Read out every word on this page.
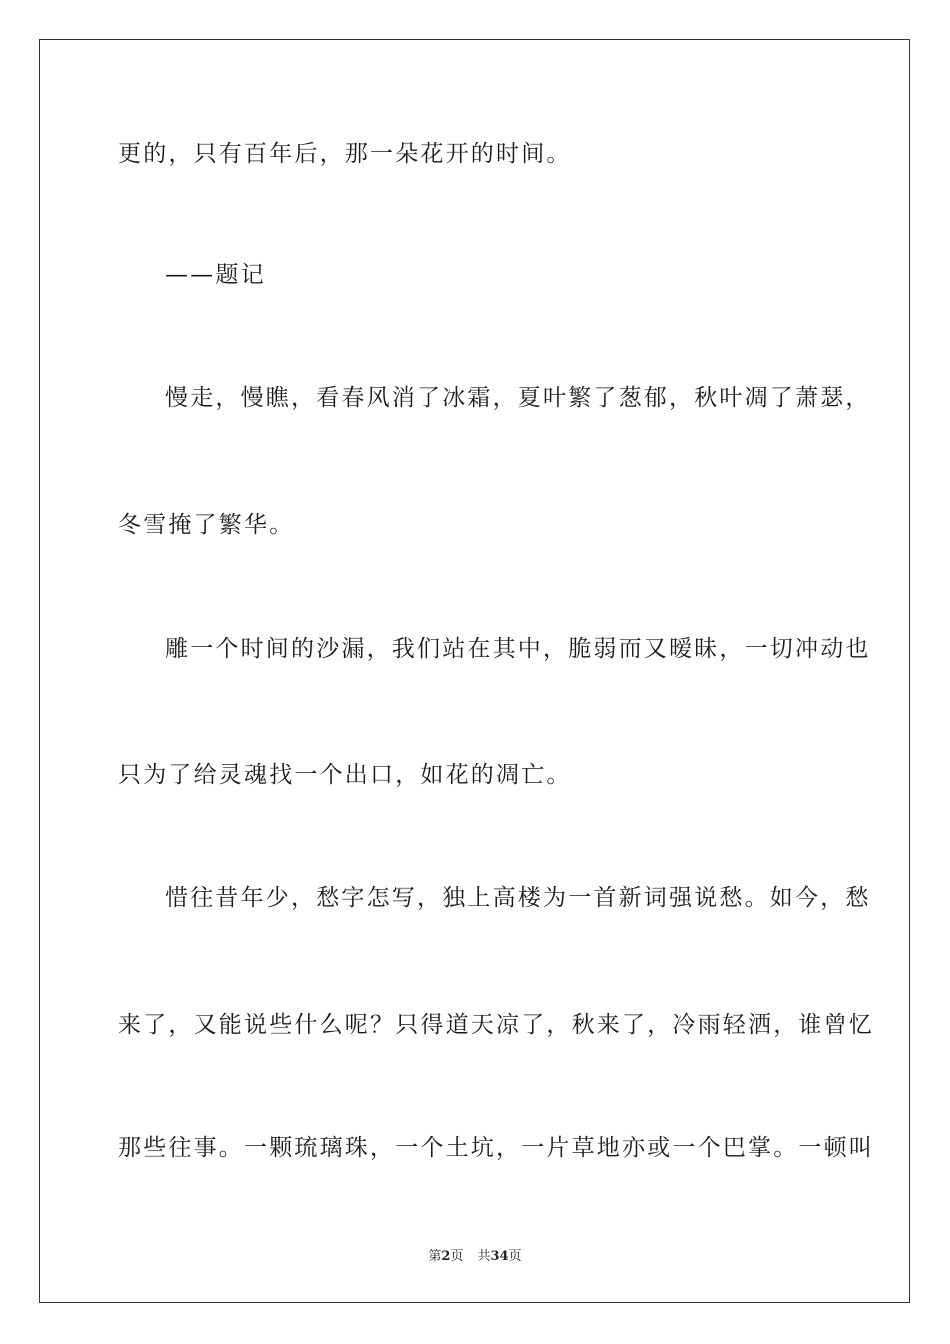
更的，只有百年后，那一朵花开的时间。
——题记
慢走，慢瞧，看春风消了冰霜，夏叶繁了葱郁，秋叶凋了萧瑟，
冬雪掩了繁华。
雕一个时间的沙漏，我们站在其中，脆弱而又暧昧，一切冲动也
只为了给灵魂找一个出口，如花的凋亡。
惜往昔年少，愁字怎写，独上高楼为一首新词强说愁。如今，愁
来了，又能说些什么呢？只得道天凉了，秋来了，冷雨轻洒，谁曾忆
那些往事。一颗琉璃珠，一个土坑，一片草地亦或一个巴掌。一顿叫
第2页 共34页
